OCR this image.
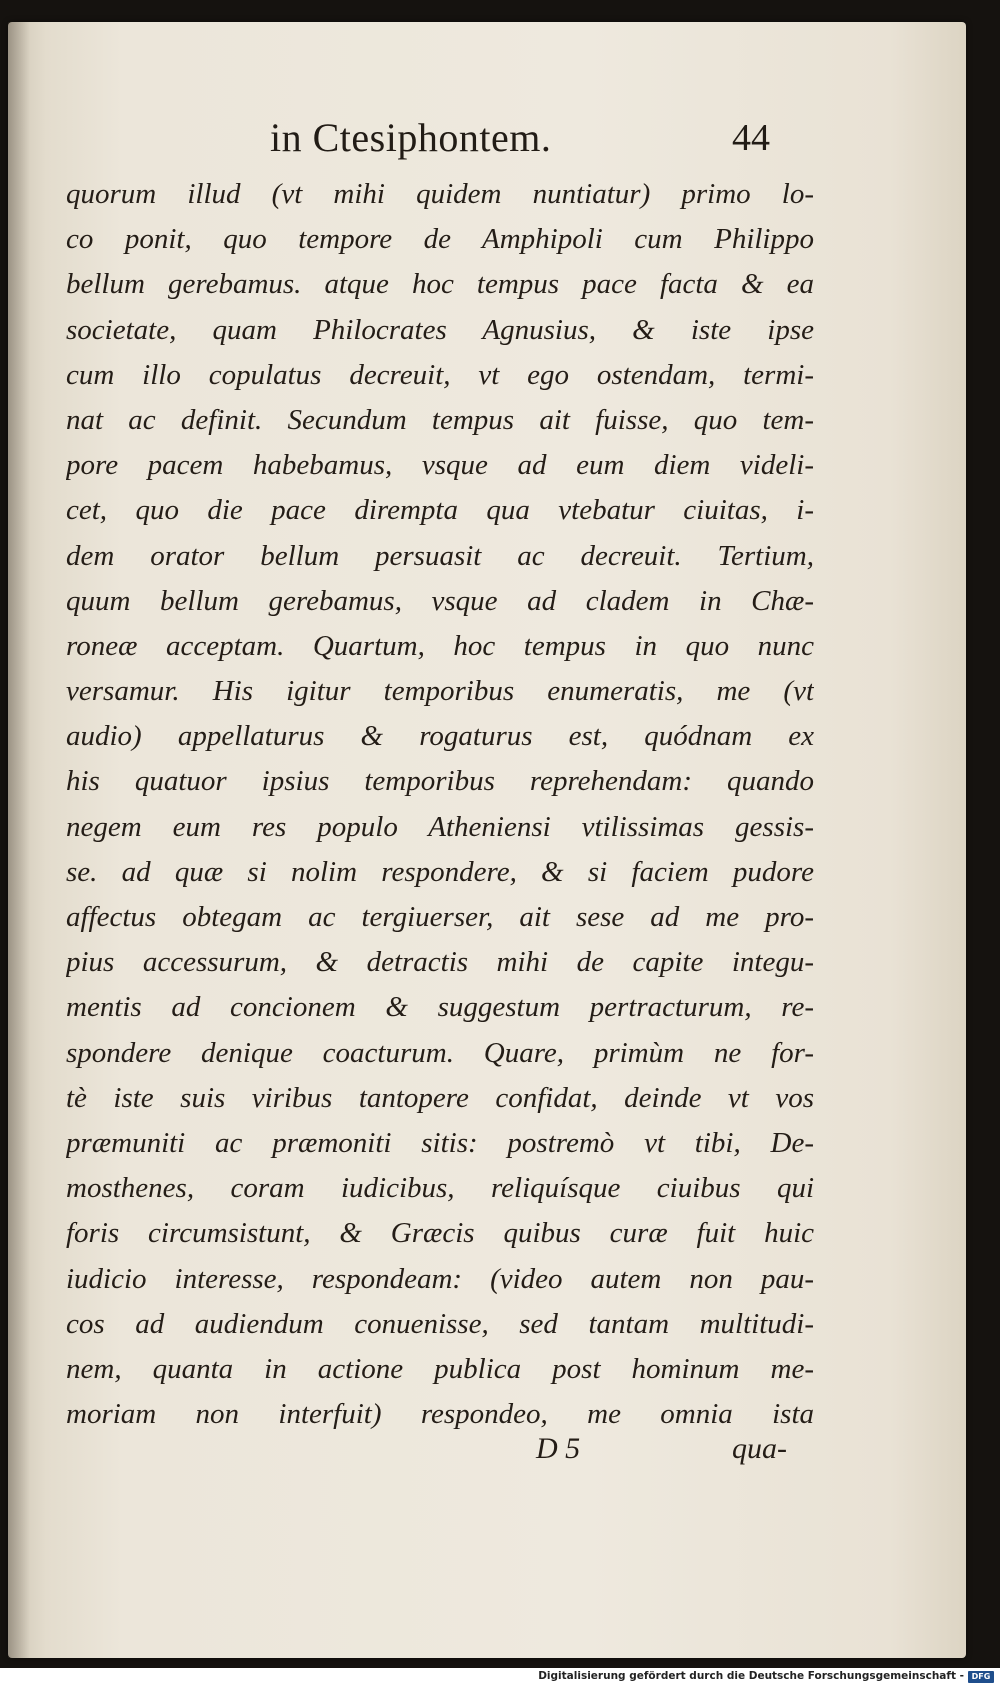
in Ctesiphontem.	44
quorum illud (vt mihi quidem nuntiatur) primo lo-
co ponit, quo tempore de Amphipoli cum Philippo
bellum gerebamus. atque hoc tempus pace facta & ea
societate, quam Philocrates Agnusius, & iste ipse
cum illo copulatus decreuit, vt ego ostendam, termi-
nat ac definit. Secundum tempus ait fuisse, quo tem-
pore pacem habebamus, vsque ad eum diem videli-
cet, quo die pace dirempta qua vtebatur ciuitas, i-
dem orator bellum persuasit ac decreuit. Tertium,
quum bellum gerebamus, vsque ad cladem in Chæ-
roneæ acceptam. Quartum, hoc tempus in quo nunc
versamur. His igitur temporibus enumeratis, me (vt
audio) appellaturus & rogaturus est, quódnam ex
his quatuor ipsius temporibus reprehendam: quando
negem eum res populo Atheniensi vtilissimas gessis-
se. ad quæ si nolim respondere, & si faciem pudore
affectus obtegam ac tergiuerser, ait sese ad me pro-
pius accessurum, & detractis mihi de capite integu-
mentis ad concionem & suggestum pertracturum, re-
spondere denique coacturum. Quare, primùm ne for-
tè iste suis viribus tantopere confidat, deinde vt vos
præmuniti ac præmoniti sitis: postremò vt tibi, De-
mosthenes, coram iudicibus, reliquísque ciuibus qui
foris circumsistunt, & Græcis quibus curæ fuit huic
iudicio interesse, respondeam: (video autem non pau-
cos ad audiendum conuenisse, sed tantam multitudi-
nem, quanta in actione publica post hominum me-
moriam non interfuit) respondeo, me omnia ista
D 5	qua-
Digitalisierung gefördert durch die Deutsche Forschungsgemeinschaft - DFG
